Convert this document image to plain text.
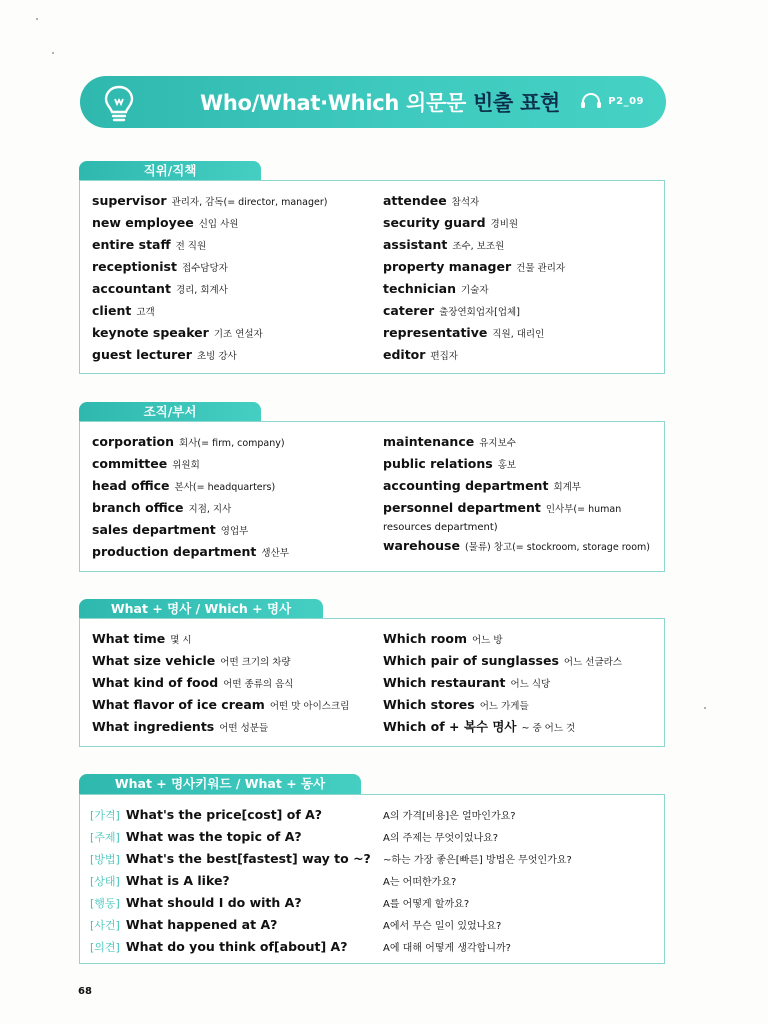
Who/What·Which 의문문 빈출 표현	P2_09
직위/직책
supervisor 관리자, 감독(= director, manager)
new employee 신입 사원
entire staff 전 직원
receptionist 접수담당자
accountant 경리, 회계사
client 고객
keynote speaker 기조 연설자
guest lecturer 초빙 강사
attendee 참석자
security guard 경비원
assistant 조수, 보조원
property manager 건물 관리자
technician 기술자
caterer 출장연회업자[업체]
representative 직원, 대리인
editor 편집자
조직/부서
corporation 회사(= firm, company)
committee 위원회
head office 본사(= headquarters)
branch office 지점, 지사
sales department 영업부
production department 생산부
maintenance 유지보수
public relations 홍보
accounting department 회계부
personnel department 인사부(= human
resources department)
warehouse (물류) 창고(= stockroom, storage room)
What + 명사 / Which + 명사
What time 몇 시
What size vehicle 어떤 크기의 차량
What kind of food 어떤 종류의 음식
What flavor of ice cream 어떤 맛 아이스크림
What ingredients 어떤 성분들
Which room 어느 방
Which pair of sunglasses 어느 선글라스
Which restaurant 어느 식당
Which stores 어느 가게들
Which of + 복수 명사 ~ 중 어느 것
What + 명사키워드 / What + 동사
[가격] What's the price[cost] of A?
[주제] What was the topic of A?
[방법] What's the best[fastest] way to ~?
[상태] What is A like?
[행동] What should I do with A?
[사건] What happened at A?
[의견] What do you think of[about] A?
A의 가격[비용]은 얼마인가요?
A의 주제는 무엇이었나요?
~하는 가장 좋은[빠른] 방법은 무엇인가요?
A는 어떠한가요?
A를 어떻게 할까요?
A에서 무슨 일이 있었나요?
A에 대해 어떻게 생각합니까?
68
